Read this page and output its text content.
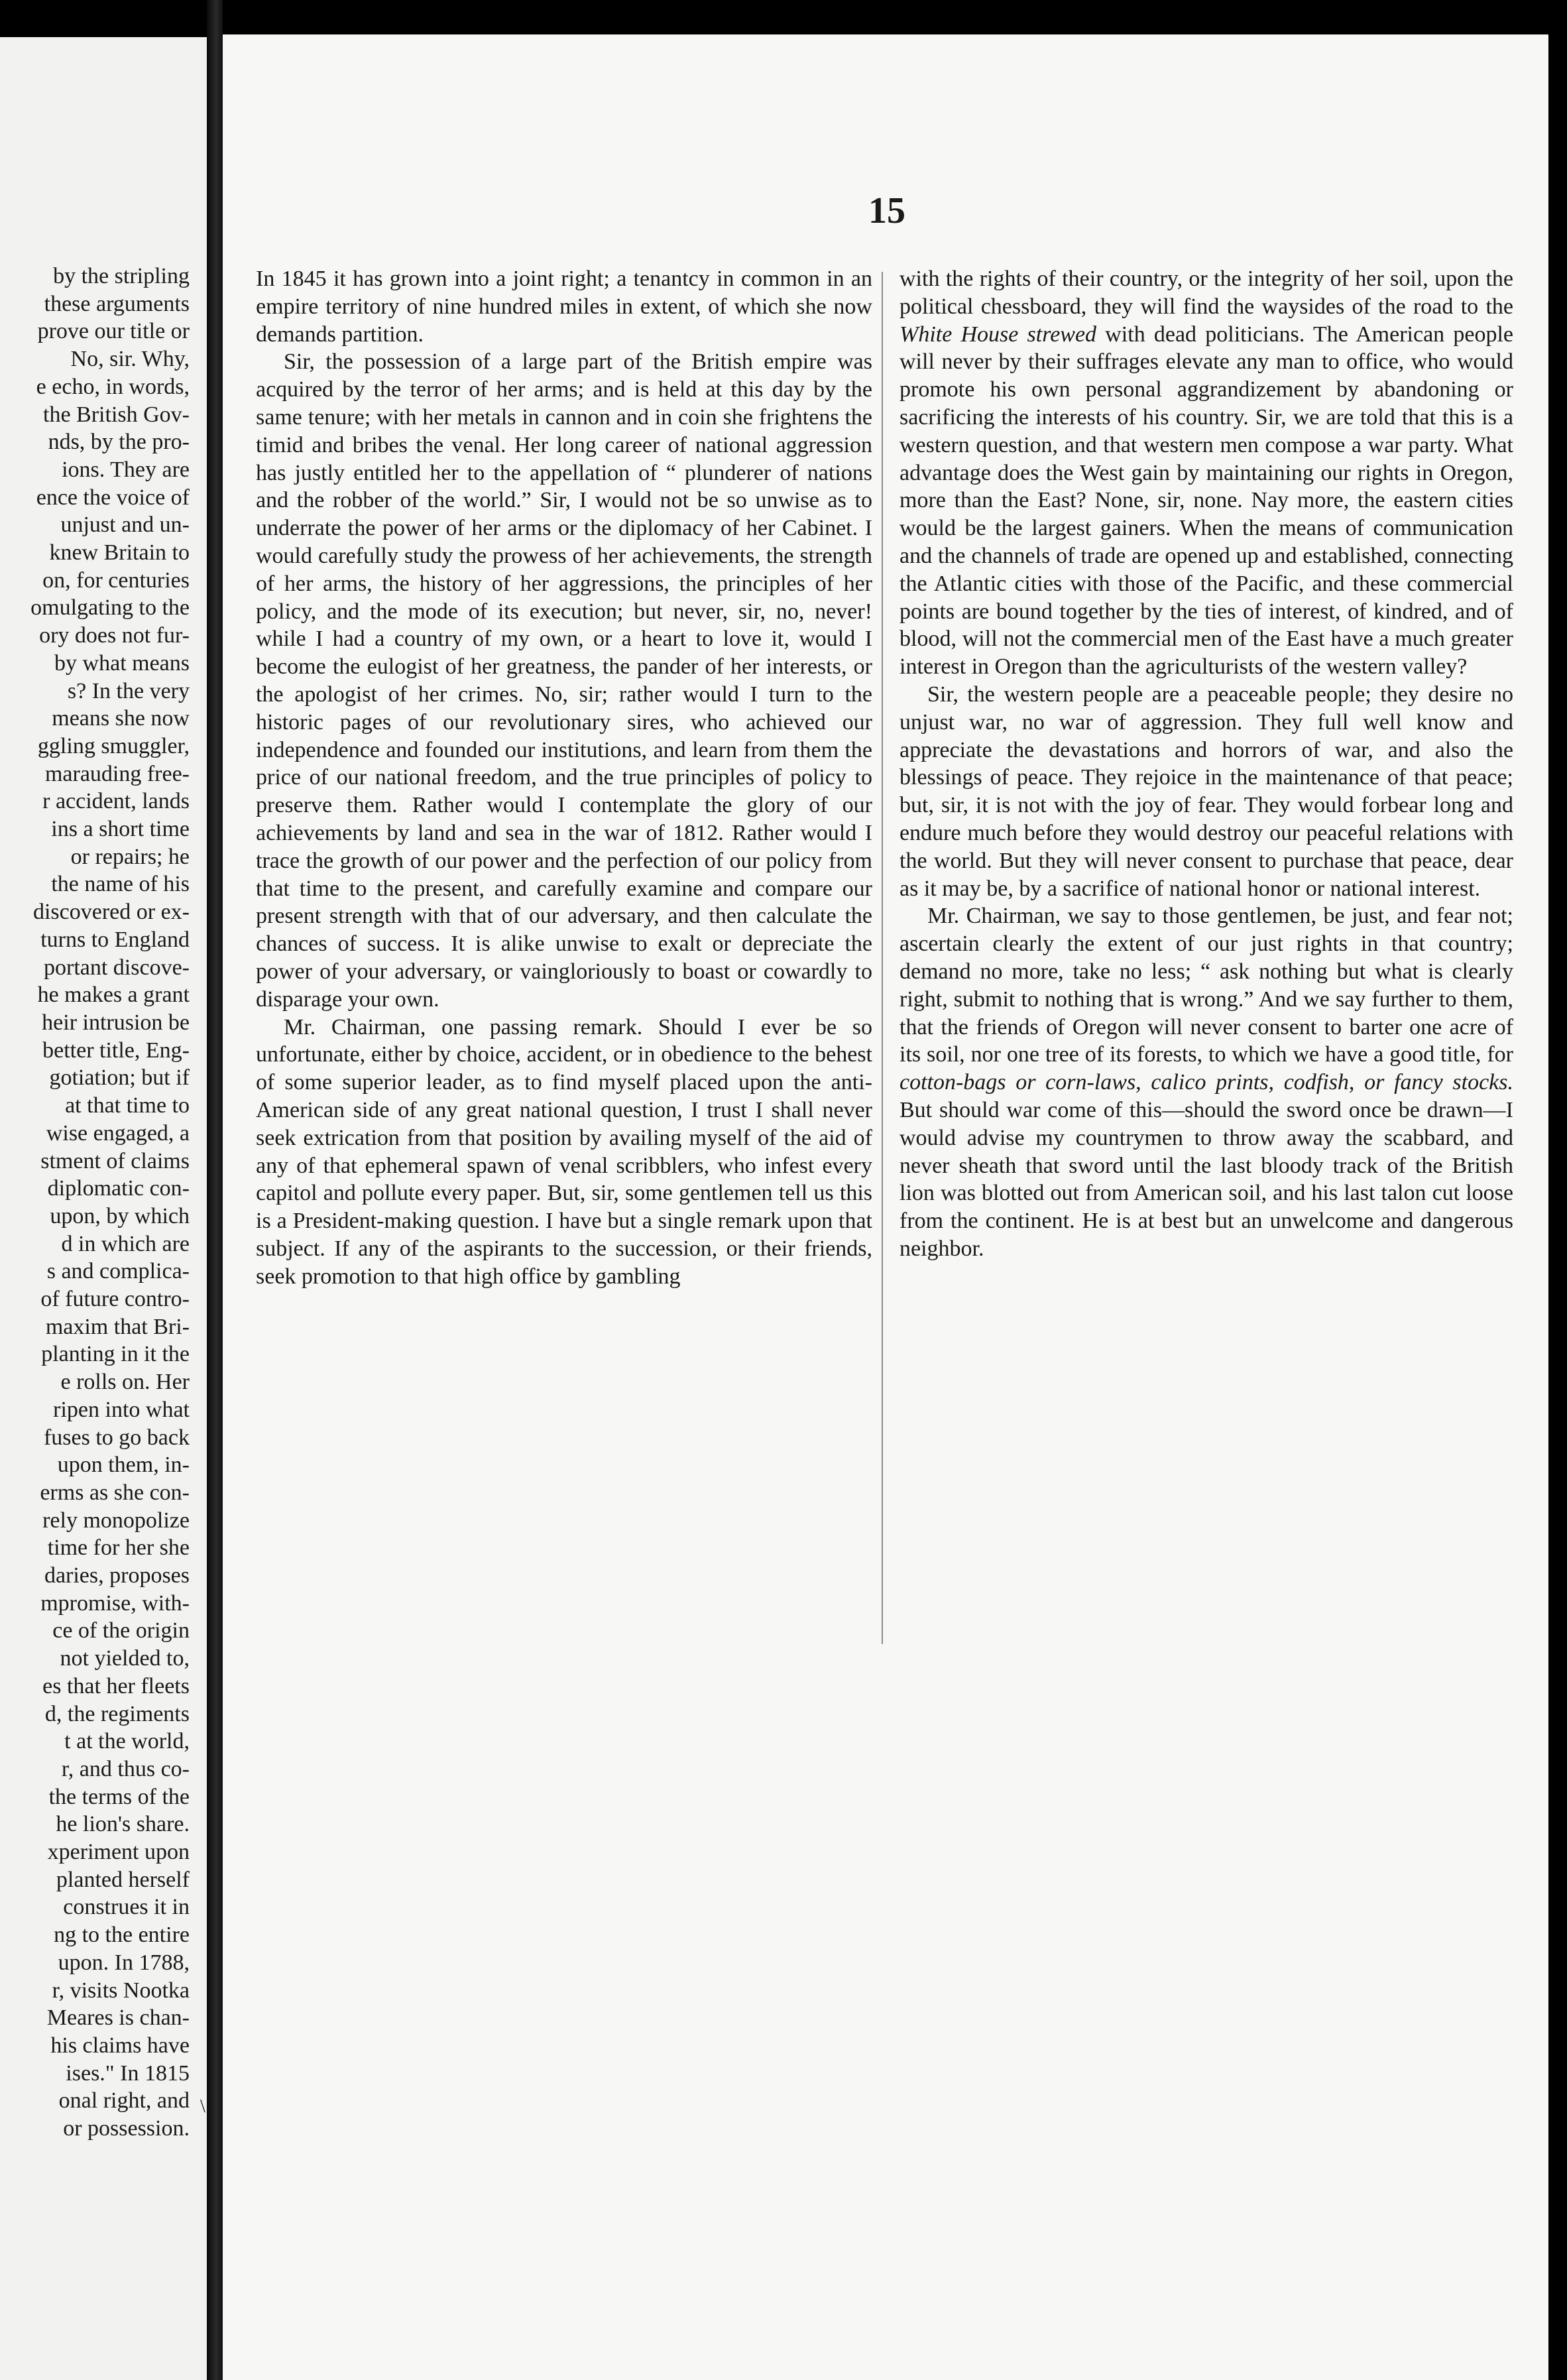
by the stripling
these arguments
prove our title or
No, sir. Why,
e echo, in words,
the British Gov-
nds, by the pro-
ions. They are
ence the voice of
unjust and un-
knew Britain to
on, for centuries
omulgating to the
ory does not fur-
by what means
s? In the very
means she now
ggling smuggler,
marauding free-
r accident, lands
ins a short time
or repairs; he
the name of his
discovered or ex-
turns to England
portant discove-
he makes a grant
heir intrusion be
better title, Eng-
gotiation; but if
at that time to
wise engaged, a
stment of claims
diplomatic con-
upon, by which
d in which are
s and complica-
of future contro-
maxim that Bri-
planting in it the
e rolls on. Her
ripen into what
fuses to go back
upon them, in-
erms as she con-
rely monopolize
time for her she
daries, proposes
mpromise, with-
ce of the origin
not yielded to,
es that her fleets
d, the regiments
t at the world,
r, and thus co-
the terms of the
he lion's share.
xperiment upon
planted herself
construes it in
ng to the entire
upon. In 1788,
r, visits Nootka
Meares is chan-
his claims have
ises." In 1815
onal right, and
or possession.
\
15

In 1845 it has grown into a joint right; a tenantcy in common in an empire territory of nine hundred miles in extent, of which she now demands partition.

Sir, the possession of a large part of the British empire was acquired by the terror of her arms; and is held at this day by the same tenure; with her metals in cannon and in coin she frightens the timid and bribes the venal. Her long career of national aggression has justly entitled her to the appellation of “ plunderer of nations and the robber of the world.” Sir, I would not be so unwise as to underrate the power of her arms or the diplomacy of her Cabinet. I would carefully study the prowess of her achievements, the strength of her arms, the history of her aggressions, the principles of her policy, and the mode of its execution; but never, sir, no, never! while I had a country of my own, or a heart to love it, would I become the eulogist of her greatness, the pander of her interests, or the apologist of her crimes. No, sir; rather would I turn to the historic pages of our revolutionary sires, who achieved our independence and founded our institutions, and learn from them the price of our national freedom, and the true principles of policy to preserve them. Rather would I contemplate the glory of our achievements by land and sea in the war of 1812. Rather would I trace the growth of our power and the perfection of our policy from that time to the present, and carefully examine and compare our present strength with that of our adversary, and then calculate the chances of success. It is alike unwise to exalt or depreciate the power of your adversary, or vaingloriously to boast or cowardly to disparage your own.

Mr. Chairman, one passing remark. Should I ever be so unfortunate, either by choice, accident, or in obedience to the behest of some superior leader, as to find myself placed upon the anti-American side of any great national question, I trust I shall never seek extrication from that position by availing myself of the aid of any of that ephemeral spawn of venal scribblers, who infest every capitol and pollute every paper. But, sir, some gentlemen tell us this is a President-making question. I have but a single remark upon that subject. If any of the aspirants to the succession, or their friends, seek promotion to that high office by gambling

with the rights of their country, or the integrity of her soil, upon the political chessboard, they will find the waysides of the road to the White House strewed with dead politicians. The American people will never by their suffrages elevate any man to office, who would promote his own personal aggrandizement by abandoning or sacrificing the interests of his country. Sir, we are told that this is a western question, and that western men compose a war party. What advantage does the West gain by maintaining our rights in Oregon, more than the East? None, sir, none. Nay more, the eastern cities would be the largest gainers. When the means of communication and the channels of trade are opened up and established, connecting the Atlantic cities with those of the Pacific, and these commercial points are bound together by the ties of interest, of kindred, and of blood, will not the commercial men of the East have a much greater interest in Oregon than the agriculturists of the western valley?

Sir, the western people are a peaceable people; they desire no unjust war, no war of aggression. They full well know and appreciate the devastations and horrors of war, and also the blessings of peace. They rejoice in the maintenance of that peace; but, sir, it is not with the joy of fear. They would forbear long and endure much before they would destroy our peaceful relations with the world. But they will never consent to purchase that peace, dear as it may be, by a sacrifice of national honor or national interest.

Mr. Chairman, we say to those gentlemen, be just, and fear not; ascertain clearly the extent of our just rights in that country; demand no more, take no less; “ ask nothing but what is clearly right, submit to nothing that is wrong.” And we say further to them, that the friends of Oregon will never consent to barter one acre of its soil, nor one tree of its forests, to which we have a good title, for cotton-bags or corn-laws, calico prints, codfish, or fancy stocks. But should war come of this—should the sword once be drawn—I would advise my countrymen to throw away the scabbard, and never sheath that sword until the last bloody track of the British lion was blotted out from American soil, and his last talon cut loose from the continent. He is at best but an unwelcome and dangerous neighbor.
